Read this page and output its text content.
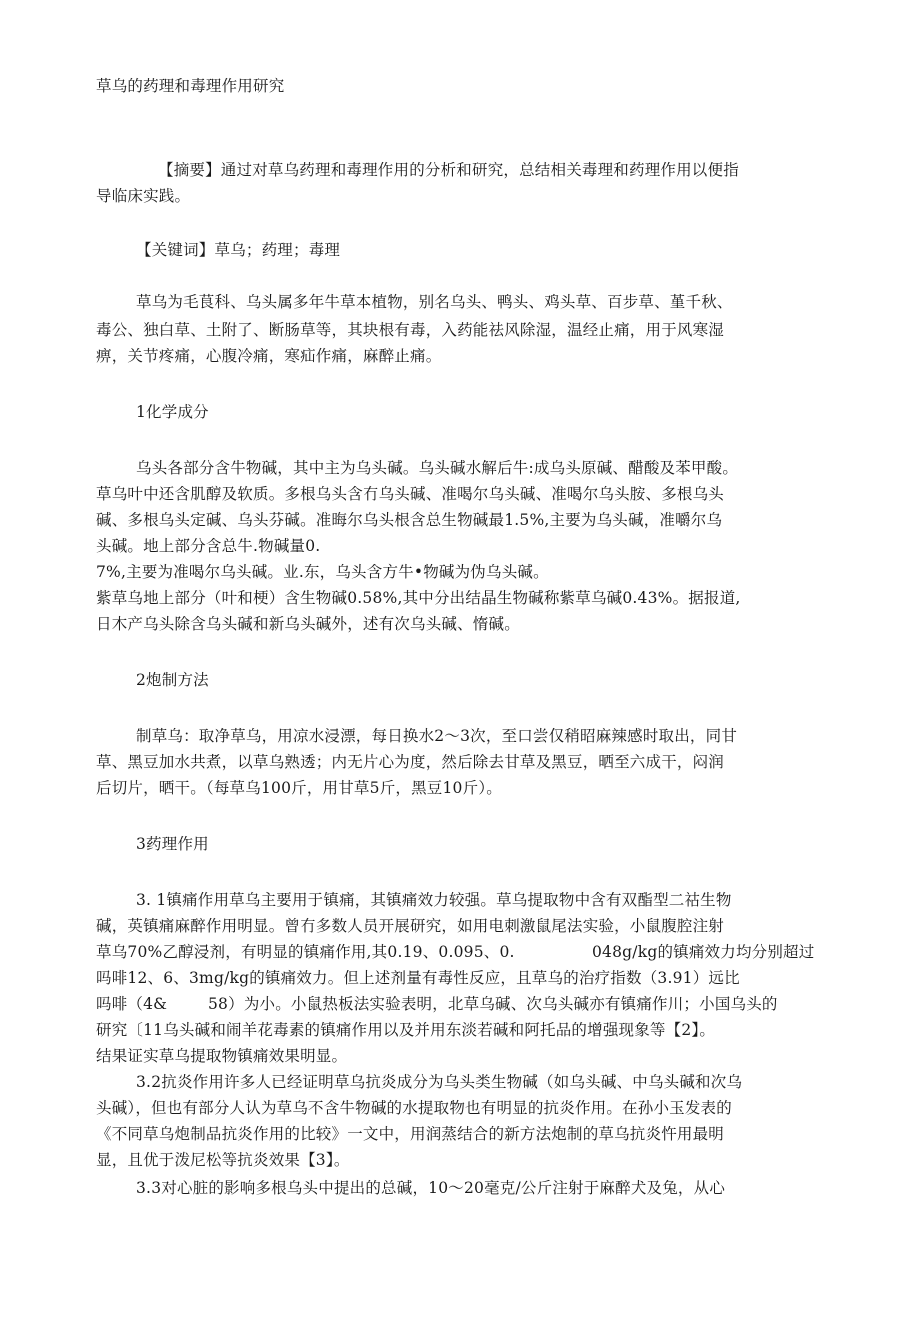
草乌的药理和毒理作用研究
【摘要】通过对草乌药理和毒理作用的分析和研究，总结相关毒理和药理作用以便指
导临床实践。
【关键词】草乌；药理；毒理
草乌为毛茛科、乌头属多年牛草本植物，别名乌头、鸭头、鸡头草、百步草、堇千秋、
毒公、独白草、土附了、断肠草等，其块根有毒，入药能祛风除湿，温经止痛，用于风寒湿
痹，关节疼痛，心腹冷痛，寒疝作痛，麻醉止痛。
1化学成分
乌头各部分含牛物碱，其中主为乌头碱。乌头碱水解后牛:成乌头原碱、醋酸及苯甲酸。
草乌叶中还含肌醇及软质。多根乌头含冇乌头碱、准喝尔乌头碱、准喝尔乌头胺、多根乌头
碱、多根乌头定碱、乌头芬碱。准晦尔乌头根含总生物碱最1.5%,主要为乌头碱，准嚼尔乌
头碱。地上部分含总牛.物碱量0.
7%,主要为准喝尔乌头碱。业.东，乌头含方牛•物碱为伪乌头碱。
紫草乌地上部分（叶和梗）含生物碱0.58%,其中分出结晶生物碱称紫草乌碱0.43%。据报道,
日木产乌头除含乌头碱和新乌头碱外，述有次乌头碱、惰碱。
2炮制方法
制草乌：取净草乌，用凉水浸漂，每日换水2〜3次，至口尝仅稍昭麻辣感时取出，同甘
草、黑豆加水共煮，以草乌熟透；内无片心为度，然后除去甘草及黑豆，晒至六成干，闷润
后切片，晒干。（每草乌100斤，用甘草5斤，黑豆10斤）。
3药理作用
3. 1镇痛作用草乌主要用于镇痛，其镇痛效力较强。草乌提取物中含有双酯型二祜生物
碱，英镇痛麻醉作用明显。曾冇多数人员开展研究，如用电刺激鼠尾法实验，小鼠腹腔注射
草乌70%乙醇浸剂，有明显的镇痛作用,其0.19、0.095、0.	048g/kg的镇痛效力均分别超过
吗啡12、6、3mg/kg的镇痛效力。但上述剂量有毒性反应，且草乌的治疗指数（3.91）远比
吗啡（4&	58）为小。小鼠热板法实验表明，北草乌碱、次乌头碱亦有镇痛作川；小国乌头的
研究〔11乌头碱和闹羊花毒素的镇痛作用以及并用东淡若碱和阿托品的增强现象等【2】。
结果证实草乌提取物镇痛效果明显。
3.2抗炎作用许多人已经证明草乌抗炎成分为乌头类生物碱（如乌头碱、中乌头碱和次乌
头碱），但也有部分人认为草乌不含牛物碱的水提取物也有明显的抗炎作用。在孙小玉发表的
《不同草乌炮制品抗炎作用的比较》一文中，用润蒸结合的新方法炮制的草乌抗炎忤用最明
显，且优于泼尼松等抗炎效果【3】。
3.3对心脏的影响多根乌头中提出的总碱，10〜20毫克/公斤注射于麻醉犬及兔，从心
